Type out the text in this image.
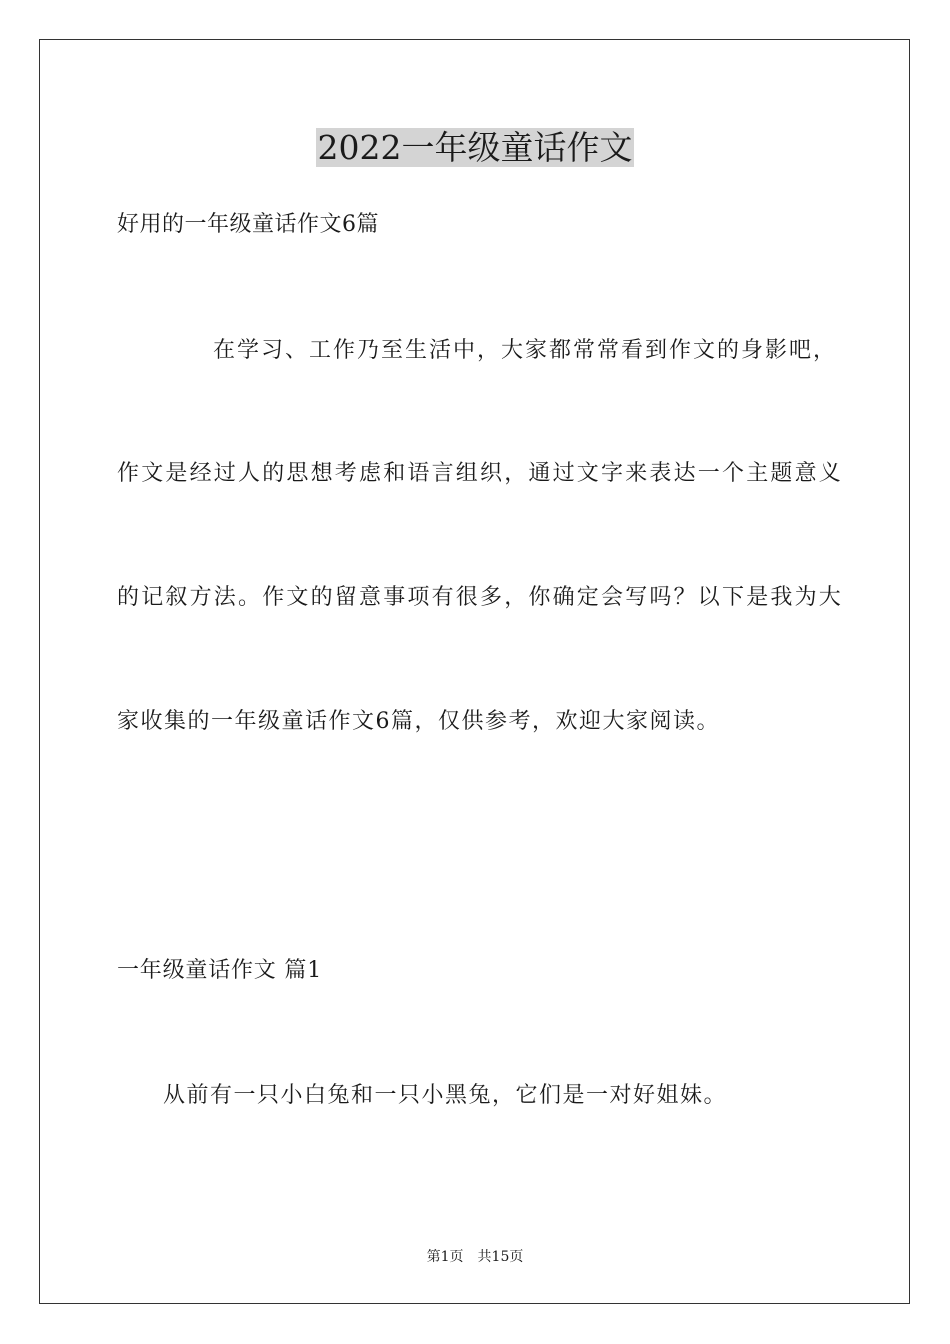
2022一年级童话作文
好用的一年级童话作文6篇
在学习、工作乃至生活中，大家都常常看到作文的身影吧，
作文是经过人的思想考虑和语言组织，通过文字来表达一个主题意义
的记叙方法。作文的留意事项有很多，你确定会写吗？以下是我为大
家收集的一年级童话作文6篇，仅供参考，欢迎大家阅读。
一年级童话作文 篇1
从前有一只小白兔和一只小黑兔，它们是一对好姐妹。
第1页　共15页
